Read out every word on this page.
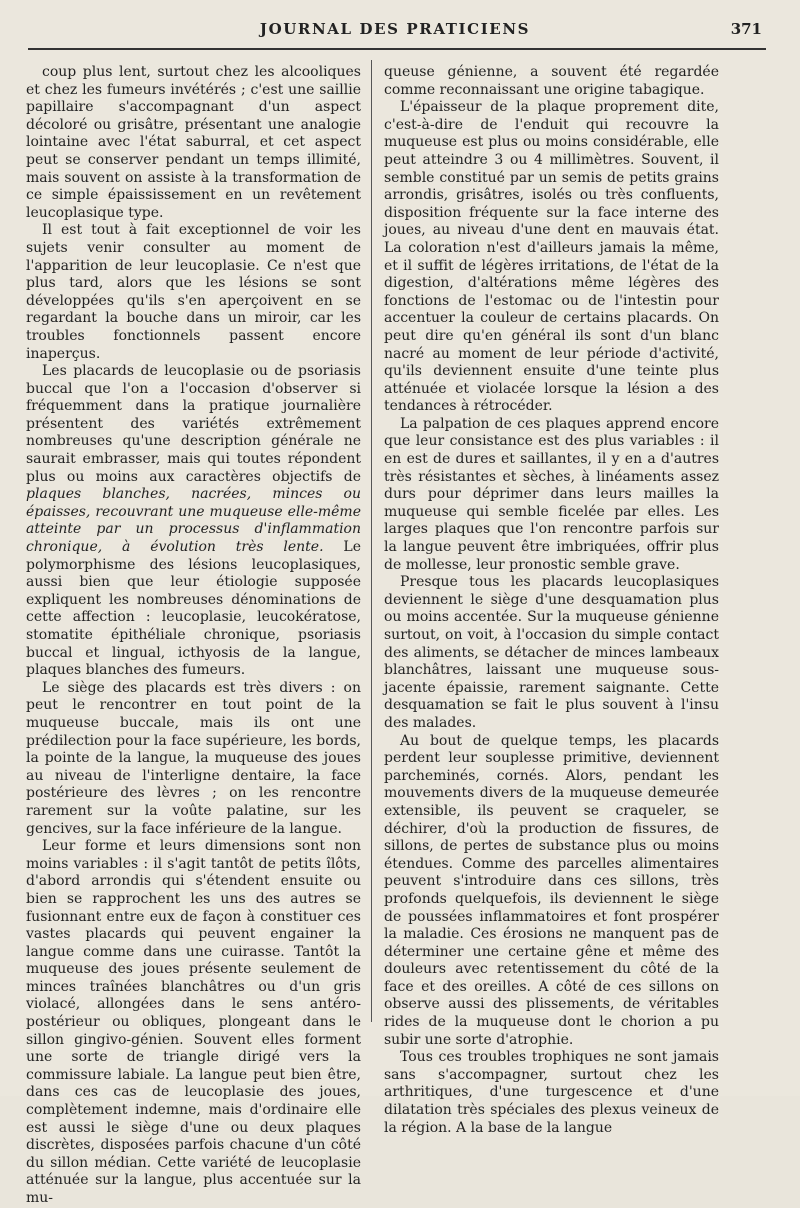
JOURNAL DES PRATICIENS	371

coup plus lent, surtout chez les alcooliques et chez les fumeurs invétérés ; c'est une saillie papillaire s'accompagnant d'un aspect décoloré ou grisâtre, présentant une analogie lointaine avec l'état saburral, et cet aspect peut se conserver pendant un temps illimité, mais souvent on assiste à la transformation de ce simple épaississement en un revêtement leucoplasique type.

Il est tout à fait exceptionnel de voir les sujets venir consulter au moment de l'apparition de leur leucoplasie. Ce n'est que plus tard, alors que les lésions se sont développées qu'ils s'en aperçoivent en se regardant la bouche dans un miroir, car les troubles fonctionnels passent encore inaperçus.

Les placards de leucoplasie ou de psoriasis buccal que l'on a l'occasion d'observer si fréquemment dans la pratique journalière présentent des variétés extrêmement nombreuses qu'une description générale ne saurait embrasser, mais qui toutes répondent plus ou moins aux caractères objectifs de plaques blanches, nacrées, minces ou épaisses, recouvrant une muqueuse elle-même atteinte par un processus d'inflammation chronique, à évolution très lente. Le polymorphisme des lésions leucoplasiques, aussi bien que leur étiologie supposée expliquent les nombreuses dénominations de cette affection : leucoplasie, leucokératose, stomatite épithéliale chronique, psoriasis buccal et lingual, icthyosis de la langue, plaques blanches des fumeurs.

Le siège des placards est très divers : on peut le rencontrer en tout point de la muqueuse buccale, mais ils ont une prédilection pour la face supérieure, les bords, la pointe de la langue, la muqueuse des joues au niveau de l'interligne dentaire, la face postérieure des lèvres ; on les rencontre rarement sur la voûte palatine, sur les gencives, sur la face inférieure de la langue.

Leur forme et leurs dimensions sont non moins variables : il s'agit tantôt de petits îlôts, d'abord arrondis qui s'étendent ensuite ou bien se rapprochent les uns des autres se fusionnant entre eux de façon à constituer ces vastes placards qui peuvent engainer la langue comme dans une cuirasse. Tantôt la muqueuse des joues présente seulement de minces traînées blanchâtres ou d'un gris violacé, allongées dans le sens antéro-postérieur ou obliques, plongeant dans le sillon gingivo-génien. Souvent elles forment une sorte de triangle dirigé vers la commissure labiale. La langue peut bien être, dans ces cas de leucoplasie des joues, complètement indemne, mais d'ordinaire elle est aussi le siège d'une ou deux plaques discrètes, disposées parfois chacune d'un côté du sillon médian. Cette variété de leucoplasie atténuée sur la langue, plus accentuée sur la mu-

queuse génienne, a souvent été regardée comme reconnaissant une origine tabagique.

L'épaisseur de la plaque proprement dite, c'est-à-dire de l'enduit qui recouvre la muqueuse est plus ou moins considérable, elle peut atteindre 3 ou 4 millimètres. Souvent, il semble constitué par un semis de petits grains arrondis, grisâtres, isolés ou très confluents, disposition fréquente sur la face interne des joues, au niveau d'une dent en mauvais état. La coloration n'est d'ailleurs jamais la même, et il suffit de légères irritations, de l'état de la digestion, d'altérations même légères des fonctions de l'estomac ou de l'intestin pour accentuer la couleur de certains placards. On peut dire qu'en général ils sont d'un blanc nacré au moment de leur période d'activité, qu'ils deviennent ensuite d'une teinte plus atténuée et violacée lorsque la lésion a des tendances à rétrocéder.

La palpation de ces plaques apprend encore que leur consistance est des plus variables : il en est de dures et saillantes, il y en a d'autres très résistantes et sèches, à linéaments assez durs pour déprimer dans leurs mailles la muqueuse qui semble ficelée par elles. Les larges plaques que l'on rencontre parfois sur la langue peuvent être imbriquées, offrir plus de mollesse, leur pronostic semble grave.

Presque tous les placards leucoplasiques deviennent le siège d'une desquamation plus ou moins accentée. Sur la muqueuse génienne surtout, on voit, à l'occasion du simple contact des aliments, se détacher de minces lambeaux blanchâtres, laissant une muqueuse sous-jacente épaissie, rarement saignante. Cette desquamation se fait le plus souvent à l'insu des malades.

Au bout de quelque temps, les placards perdent leur souplesse primitive, deviennent parcheminés, cornés. Alors, pendant les mouvements divers de la muqueuse demeurée extensible, ils peuvent se craqueler, se déchirer, d'où la production de fissures, de sillons, de pertes de substance plus ou moins étendues. Comme des parcelles alimentaires peuvent s'introduire dans ces sillons, très profonds quelquefois, ils deviennent le siège de poussées inflammatoires et font prospérer la maladie. Ces érosions ne manquent pas de déterminer une certaine gêne et même des douleurs avec retentissement du côté de la face et des oreilles. A côté de ces sillons on observe aussi des plissements, de véritables rides de la muqueuse dont le chorion a pu subir une sorte d'atrophie.

Tous ces troubles trophiques ne sont jamais sans s'accompagner, surtout chez les arthritiques, d'une turgescence et d'une dilatation très spéciales des plexus veineux de la région. A la base de la langue
